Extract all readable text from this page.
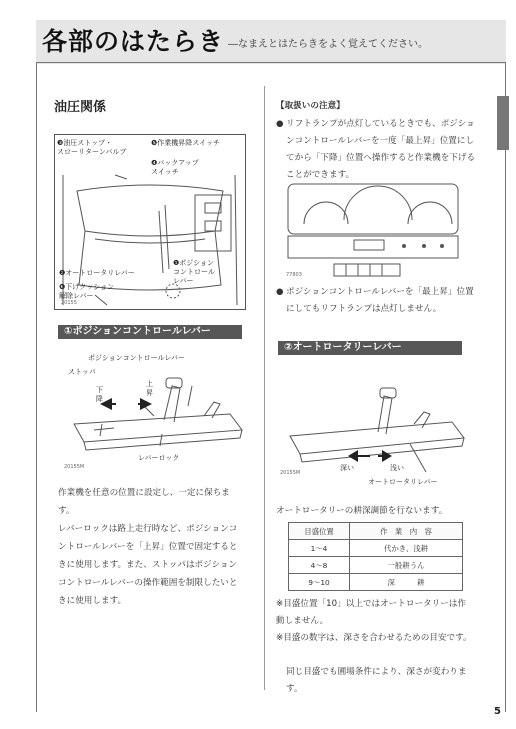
各部のはたらき ―なまえとはたらきをよく覚えてください。
油圧関係
❸油圧ストップ・
スローリターンバルブ
❺作業機昇降スイッチ
❹バックアップ
スイッチ
❶ポジション
コントロール
レバー
❷オートロータリレバー
❻下げクッション
解除レバー
20155
①ポジションコントロールレバー
ポジションコントロールレバー
ストッパ
下降
上昇
レバーロック
20155M
作業機を任意の位置に設定し、一定に保ちます。
レバーロックは路上走行時など、ポジションコントロールレバーを「上昇」位置で固定するときに使用します。また、ストッパはポジションコントロールレバーの操作範囲を制限したいときに使用します。
【取扱いの注意】
● リフトランプが点灯しているときでも、ポジションコントロールレバーを一度「最上昇」位置にしてから「下降」位置へ操作すると作業機を下げることができます。
77803
● ポジションコントロールレバーを「最上昇」位置にしてもリフトランプは点灯しません。
②オートロータリーレバー
深い	浅い
オートロータリレバー
20155M
オートロータリーの耕深調節を行ないます。
目盛位置	作　業　内　容
1～4	代かき、浅耕
4～8	一般耕うん
9～10	深　　　耕
※目盛位置「10」以上ではオートロータリーは作動しません。
※目盛の数字は、深さを合わせるための目安です。
同じ目盛でも圃場条件により、深さが変わります。
5
